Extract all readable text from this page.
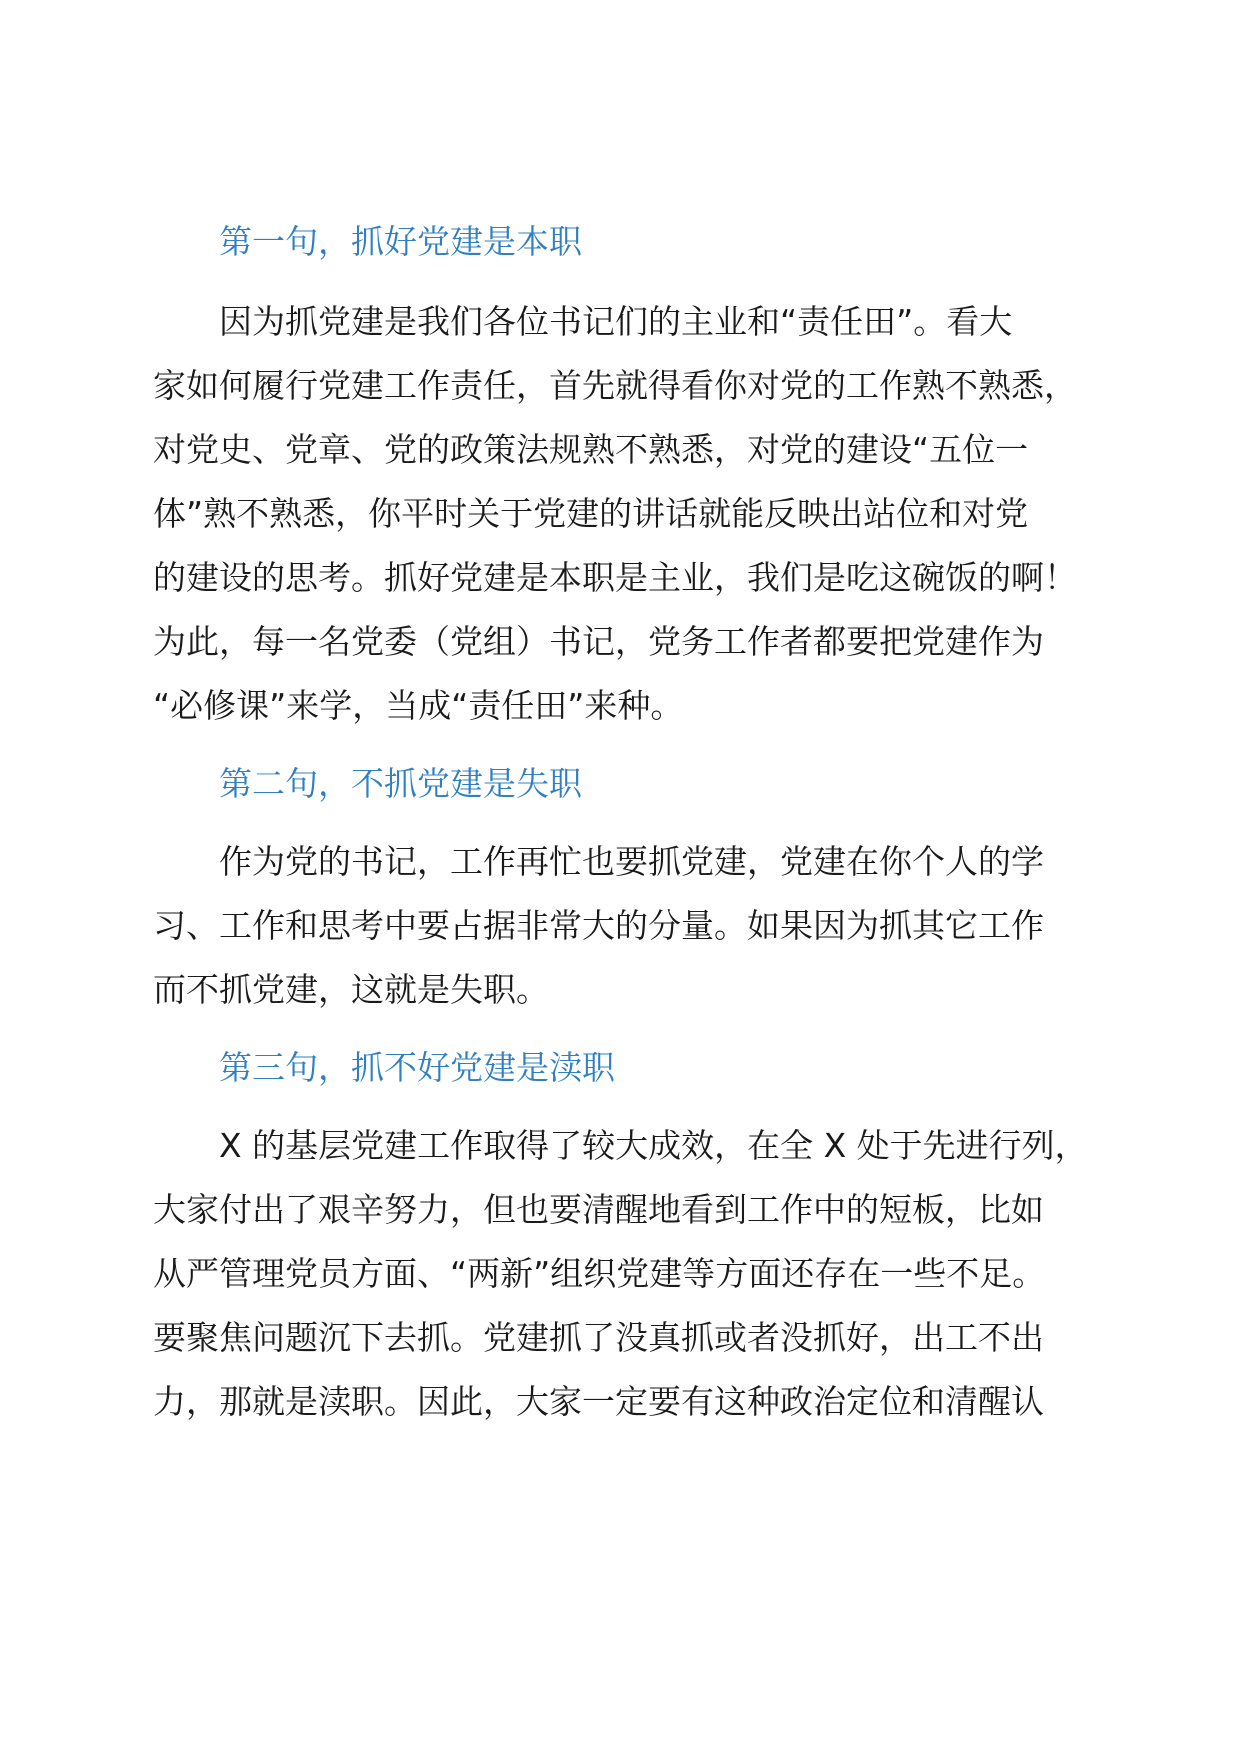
第一句，抓好党建是本职

因为抓党建是我们各位书记们的主业和“责任田”。看大
家如何履行党建工作责任，首先就得看你对党的工作熟不熟悉，
对党史、党章、党的政策法规熟不熟悉，对党的建设“五位一
体”熟不熟悉，你平时关于党建的讲话就能反映出站位和对党
的建设的思考。抓好党建是本职是主业，我们是吃这碗饭的啊！
为此，每一名党委（党组）书记，党务工作者都要把党建作为
“必修课”来学，当成“责任田”来种。

第二句，不抓党建是失职

作为党的书记，工作再忙也要抓党建，党建在你个人的学
习、工作和思考中要占据非常大的分量。如果因为抓其它工作
而不抓党建，这就是失职。

第三句，抓不好党建是渎职

X 的基层党建工作取得了较大成效，在全 X 处于先进行列，
大家付出了艰辛努力，但也要清醒地看到工作中的短板，比如
从严管理党员方面、“两新”组织党建等方面还存在一些不足。
要聚焦问题沉下去抓。党建抓了没真抓或者没抓好，出工不出
力，那就是渎职。因此，大家一定要有这种政治定位和清醒认
